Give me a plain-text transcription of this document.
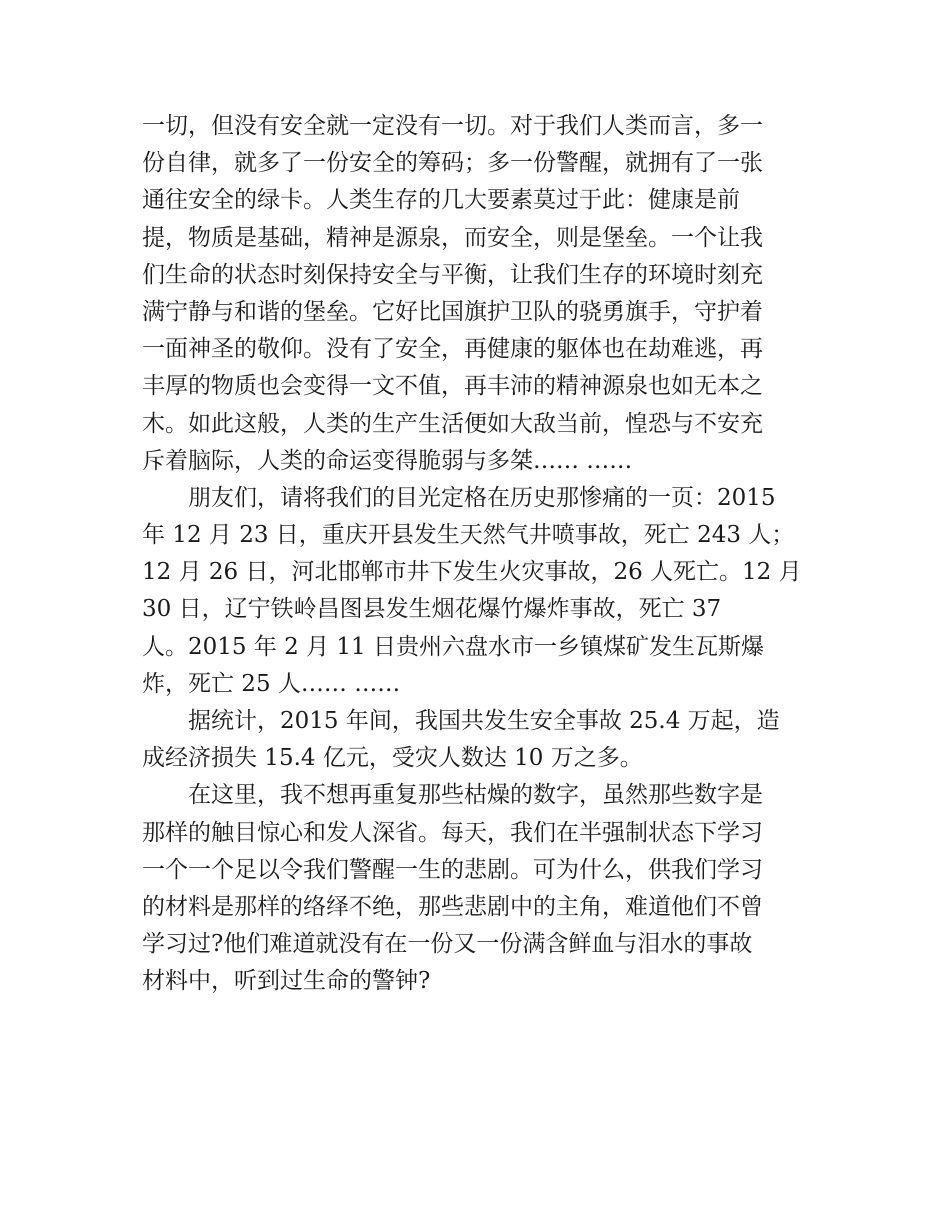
一切，但没有安全就一定没有一切。对于我们人类而言，多一
份自律，就多了一份安全的筹码；多一份警醒，就拥有了一张
通往安全的绿卡。人类生存的几大要素莫过于此：健康是前
提，物质是基础，精神是源泉，而安全，则是堡垒。一个让我
们生命的状态时刻保持安全与平衡，让我们生存的环境时刻充
满宁静与和谐的堡垒。它好比国旗护卫队的骁勇旗手，守护着
一面神圣的敬仰。没有了安全，再健康的躯体也在劫难逃，再
丰厚的物质也会变得一文不值，再丰沛的精神源泉也如无本之
木。如此这般，人类的生产生活便如大敌当前，惶恐与不安充
斥着脑际，人类的命运变得脆弱与多桀…… ……
　　朋友们，请将我们的目光定格在历史那惨痛的一页：2015
年 12 月 23 日，重庆开县发生天然气井喷事故，死亡 243 人；
12 月 26 日，河北邯郸市井下发生火灾事故，26 人死亡。12 月
30 日，辽宁铁岭昌图县发生烟花爆竹爆炸事故，死亡 37
人。2015 年 2 月 11 日贵州六盘水市一乡镇煤矿发生瓦斯爆
炸，死亡 25 人…… ……
　　据统计，2015 年间，我国共发生安全事故 25.4 万起，造
成经济损失 15.4 亿元，受灾人数达 10 万之多。
　　在这里，我不想再重复那些枯燥的数字，虽然那些数字是
那样的触目惊心和发人深省。每天，我们在半强制状态下学习
一个一个足以令我们警醒一生的悲剧。可为什么，供我们学习
的材料是那样的络绎不绝，那些悲剧中的主角，难道他们不曾
学习过?他们难道就没有在一份又一份满含鲜血与泪水的事故
材料中，听到过生命的警钟?
